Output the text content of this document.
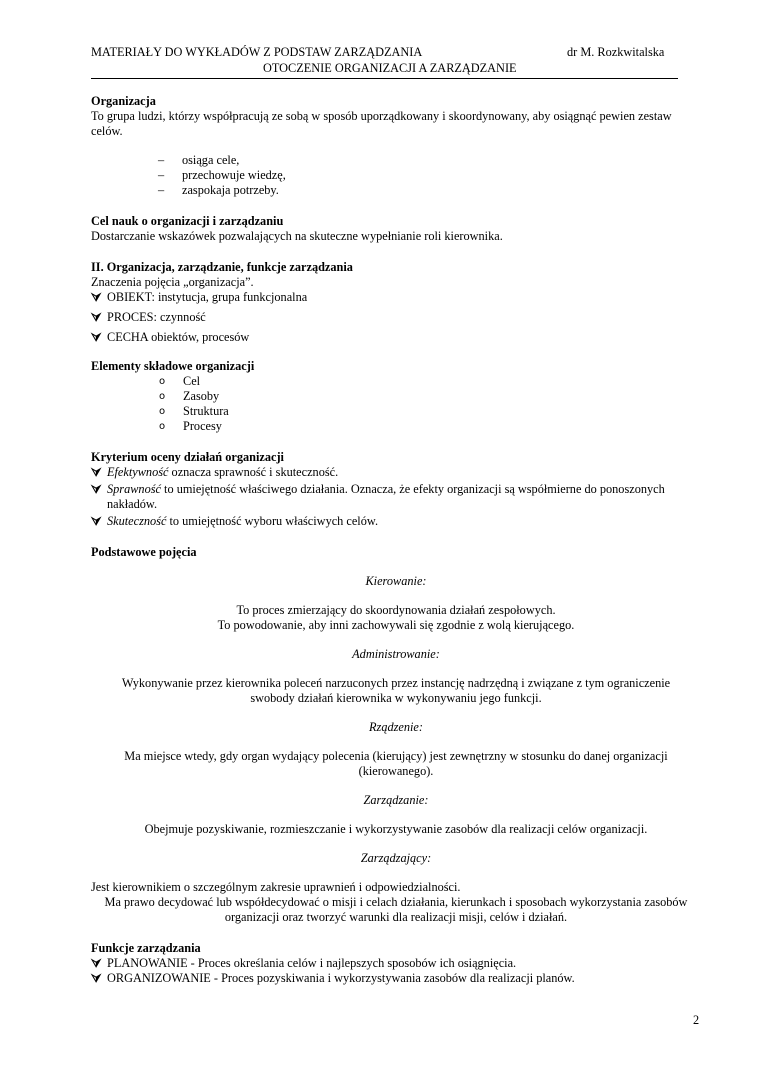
MATERIAŁY DO WYKŁADÓW Z PODSTAW ZARZĄDZANIA	dr M. Rozkwitalska
OTOCZENIE ORGANIZACJI A ZARZĄDZANIE

Organizacja

To grupa ludzi, którzy współpracują ze sobą w sposób uporządkowany i skoordynowany, aby osiągnąć pewien zestaw celów.

– osiąga cele,
– przechowuje wiedzę,
– zaspokaja potrzeby.

Cel nauk o organizacji i zarządzaniu

Dostarczanie wskazówek pozwalających na skuteczne wypełnianie roli kierownika.

II. Organizacja, zarządzanie, funkcje zarządzania

Znaczenia pojęcia „organizacja”.

⮛ OBIEKT: instytucja, grupa funkcjonalna
⮛ PROCES: czynność
⮛ CECHA obiektów, procesów

Elementy składowe organizacji

o Cel
o Zasoby
o Struktura
o Procesy

Kryterium oceny działań organizacji

⮛ Efektywność oznacza sprawność i skuteczność.
⮛ Sprawność to umiejętność właściwego działania. Oznacza, że efekty organizacji są współmierne do ponoszonych nakładów.
⮛ Skuteczność to umiejętność wyboru właściwych celów.

Podstawowe pojęcia

Kierowanie:

To proces zmierzający do skoordynowania działań zespołowych.

To powodowanie, aby inni zachowywali się zgodnie z wolą kierującego.

Administrowanie:

Wykonywanie przez kierownika poleceń narzuconych przez instancję nadrzędną i związane z tym ograniczenie swobody działań kierownika w wykonywaniu jego funkcji.

Rządzenie:

Ma miejsce wtedy, gdy organ wydający polecenia (kierujący) jest zewnętrzny w stosunku do danej organizacji (kierowanego).

Zarządzanie:

Obejmuje pozyskiwanie, rozmieszczanie i wykorzystywanie zasobów dla realizacji celów organizacji.

Zarządzający:

Jest kierownikiem o szczególnym zakresie uprawnień i odpowiedzialności.

Ma prawo decydować lub współdecydować o misji i celach działania, kierunkach i sposobach wykorzystania zasobów organizacji oraz tworzyć warunki dla realizacji misji, celów i działań.

Funkcje zarządzania

⮛ PLANOWANIE - Proces określania celów i najlepszych sposobów ich osiągnięcia.
⮛ ORGANIZOWANIE - Proces pozyskiwania i wykorzystywania zasobów dla realizacji planów.
2
